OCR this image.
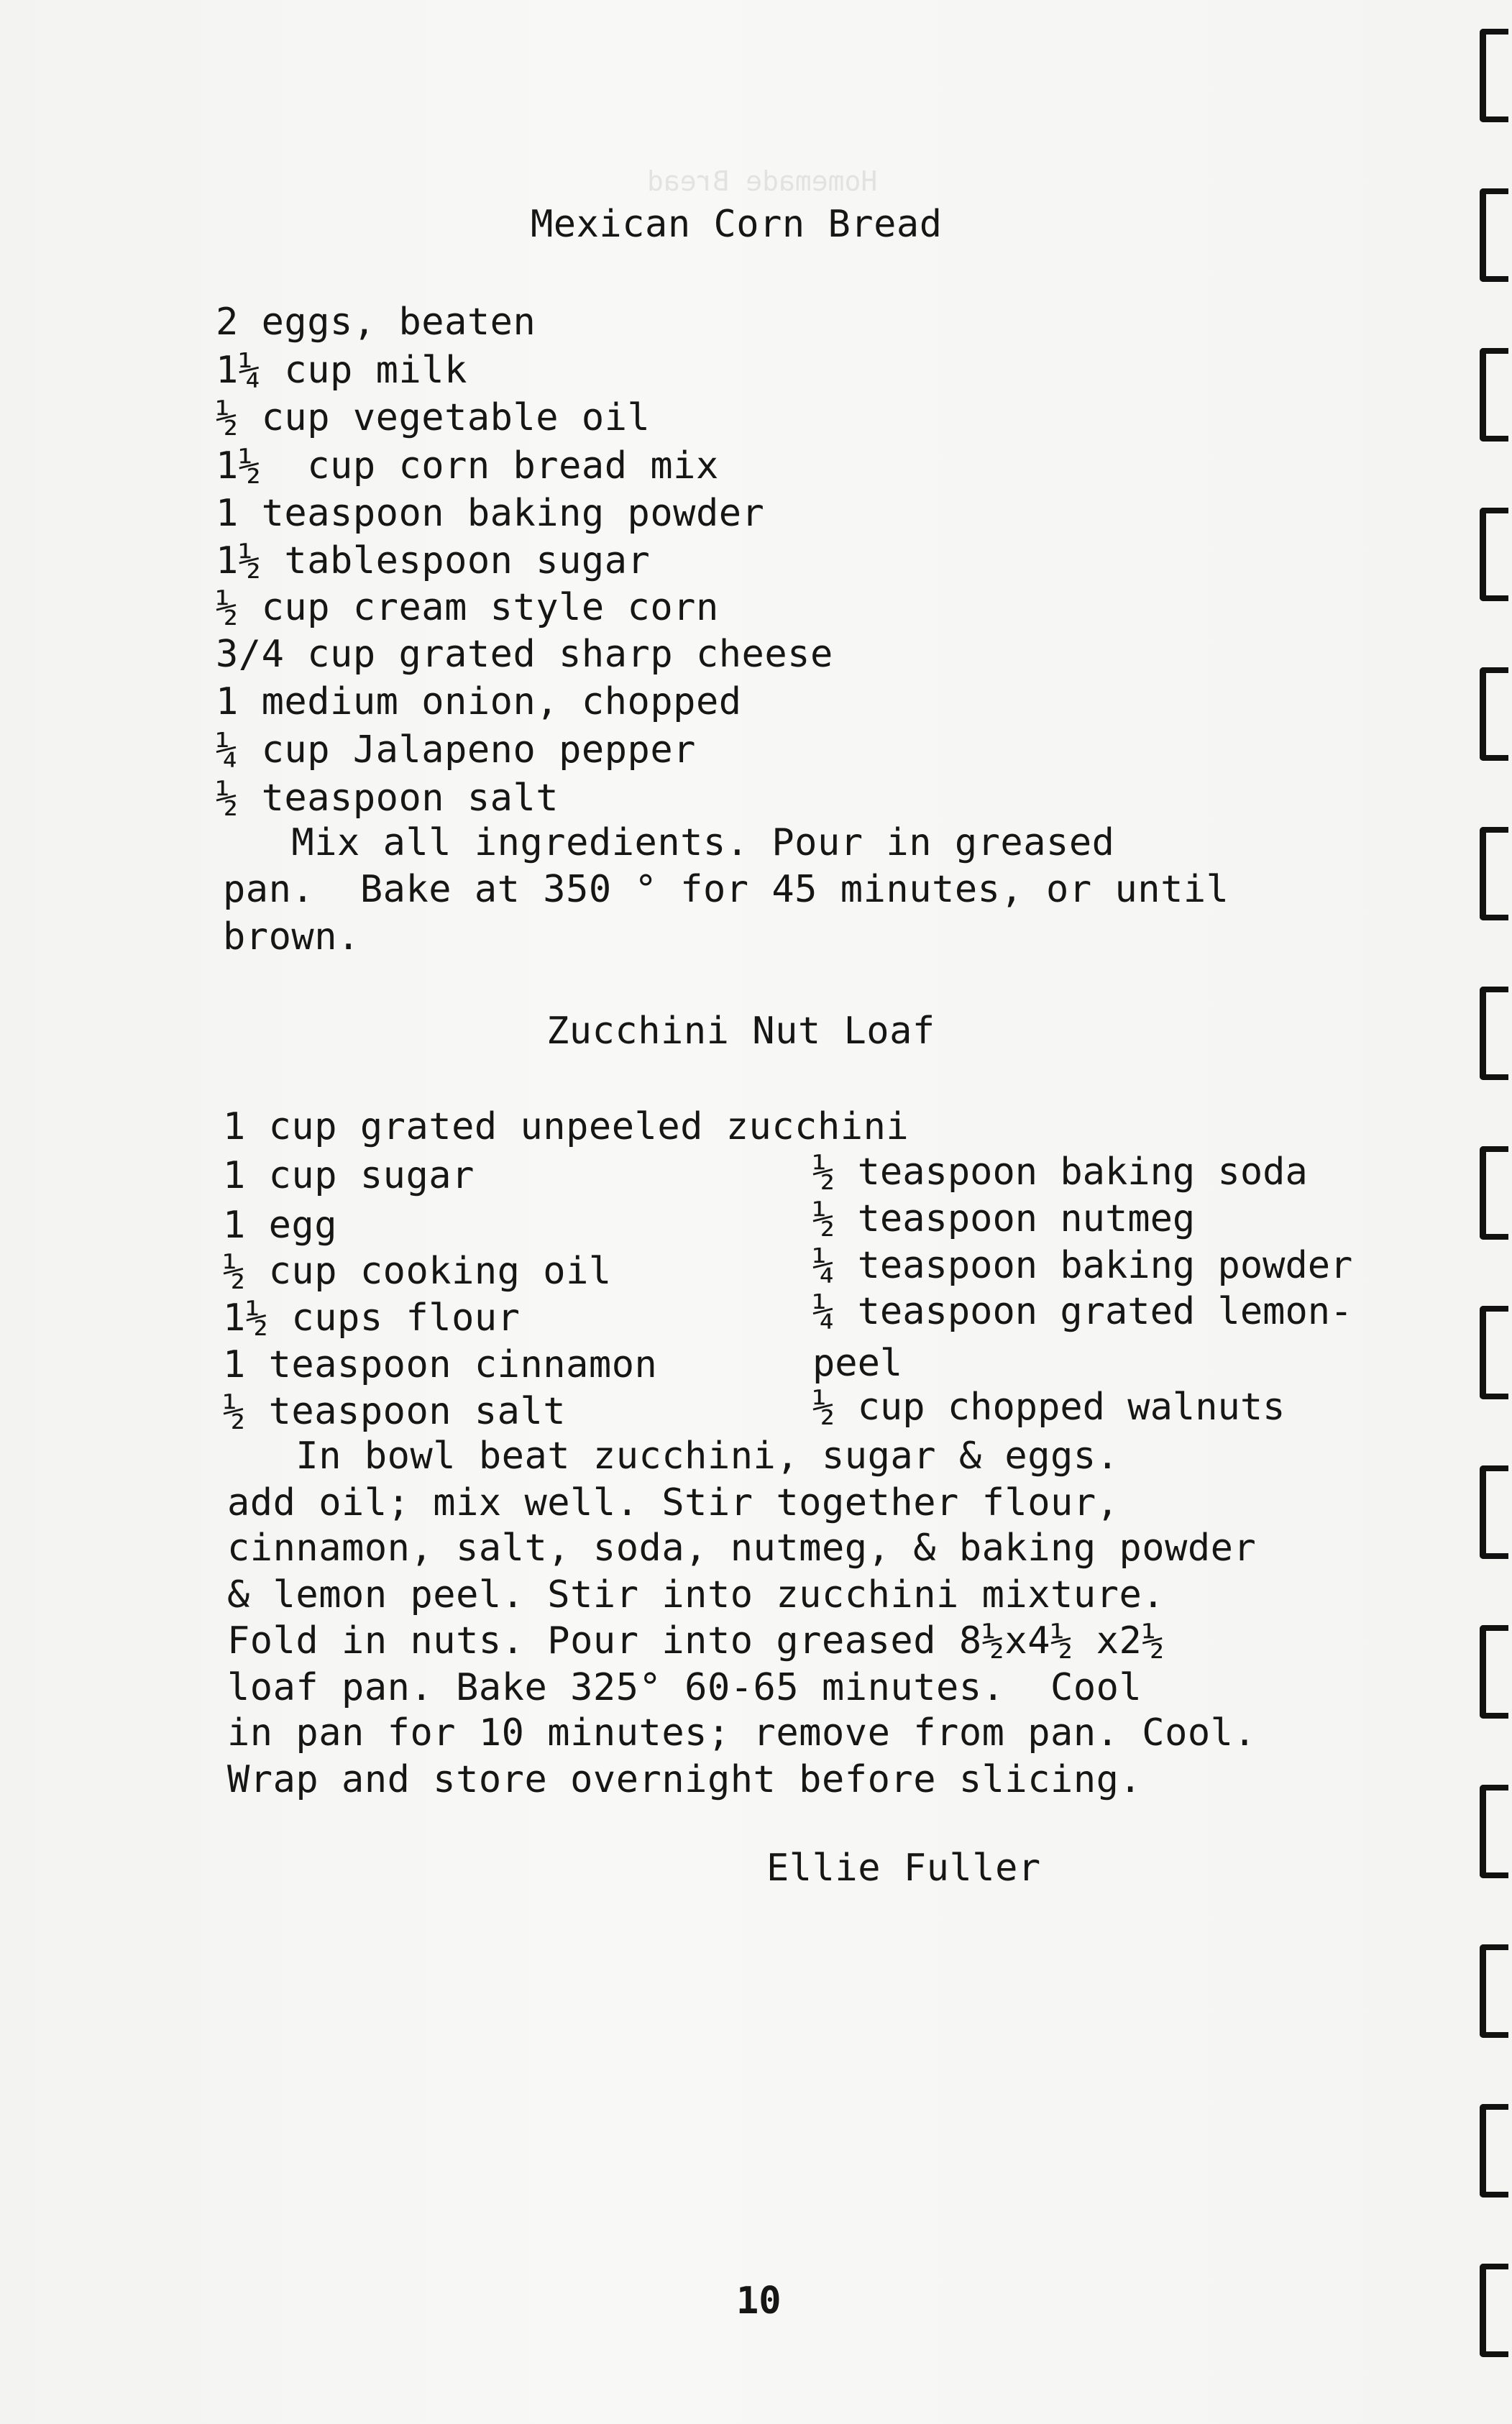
Homemade Bread
Mexican Corn Bread
2 eggs, beaten
1¼ cup milk
½ cup vegetable oil
1½  cup corn bread mix
1 teaspoon baking powder
1½ tablespoon sugar
½ cup cream style corn
3/4 cup grated sharp cheese
1 medium onion, chopped
¼ cup Jalapeno pepper
½ teaspoon salt
Mix all ingredients. Pour in greased
pan.  Bake at 350 ° for 45 minutes, or until
brown.
Zucchini Nut Loaf
1 cup grated unpeeled zucchini
1 cup sugar
1 egg
½ cup cooking oil
1½ cups flour
1 teaspoon cinnamon
½ teaspoon salt
½ teaspoon baking soda
½ teaspoon nutmeg
¼ teaspoon baking powder
¼ teaspoon grated lemon-
peel
½ cup chopped walnuts
In bowl beat zucchini, sugar & eggs.
add oil; mix well. Stir together flour,
cinnamon, salt, soda, nutmeg, & baking powder
& lemon peel. Stir into zucchini mixture.
Fold in nuts. Pour into greased 8½x4½ x2½
loaf pan. Bake 325° 60-65 minutes.  Cool
in pan for 10 minutes; remove from pan. Cool.
Wrap and store overnight before slicing.
Ellie Fuller
10
